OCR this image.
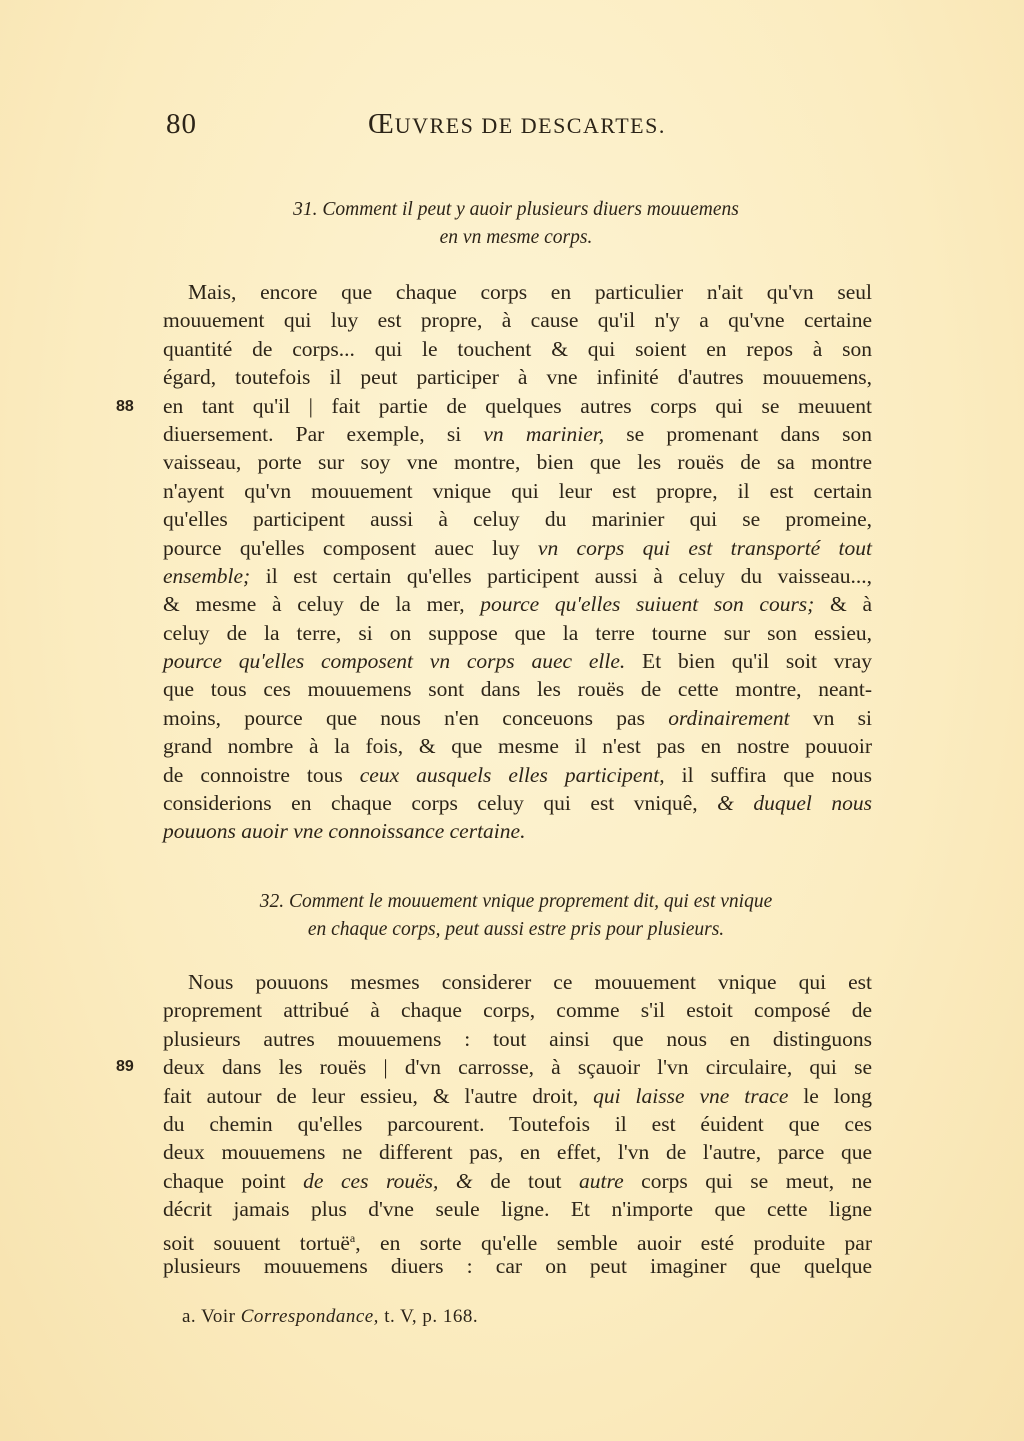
80	ŒUVRES DE DESCARTES.
31. Comment il peut y auoir plusieurs diuers mouuemens
en vn mesme corps.
88
Mais, encore que chaque corps en particulier n'ait qu'vn seul
mouuement qui luy est propre, à cause qu'il n'y a qu'vne certaine
quantité de corps... qui le touchent & qui soient en repos à son
égard, toutefois il peut participer à vne infinité d'autres mouuemens,
en tant qu'il | fait partie de quelques autres corps qui se meuuent
diuersement. Par exemple, si vn marinier, se promenant dans son
vaisseau, porte sur soy vne montre, bien que les rouës de sa montre
n'ayent qu'vn mouuement vnique qui leur est propre, il est certain
qu'elles participent aussi à celuy du marinier qui se promeine,
pource qu'elles composent auec luy vn corps qui est transporté tout
ensemble; il est certain qu'elles participent aussi à celuy du vaisseau...,
& mesme à celuy de la mer, pource qu'elles suiuent son cours; & à
celuy de la terre, si on suppose que la terre tourne sur son essieu,
pource qu'elles composent vn corps auec elle. Et bien qu'il soit vray
que tous ces mouuemens sont dans les rouës de cette montre, neant-
moins, pource que nous n'en conceuons pas ordinairement vn si
grand nombre à la fois, & que mesme il n'est pas en nostre pouuoir
de connoistre tous ceux ausquels elles participent, il suffira que nous
considerions en chaque corps celuy qui est vniquê, & duquel nous
pouuons auoir vne connoissance certaine.
32. Comment le mouuement vnique proprement dit, qui est vnique
en chaque corps, peut aussi estre pris pour plusieurs.
89
Nous pouuons mesmes considerer ce mouuement vnique qui est
proprement attribué à chaque corps, comme s'il estoit composé de
plusieurs autres mouuemens : tout ainsi que nous en distinguons
deux dans les rouës | d'vn carrosse, à sçauoir l'vn circulaire, qui se
fait autour de leur essieu, & l'autre droit, qui laisse vne trace le long
du chemin qu'elles parcourent. Toutefois il est éuident que ces
deux mouuemens ne different pas, en effet, l'vn de l'autre, parce que
chaque point de ces rouës, & de tout autre corps qui se meut, ne
décrit jamais plus d'vne seule ligne. Et n'importe que cette ligne
soit souuent tortuë$^a$, en sorte qu'elle semble auoir esté produite par
plusieurs mouuemens diuers : car on peut imaginer que quelque
a. Voir Correspondance, t. V, p. 168.
